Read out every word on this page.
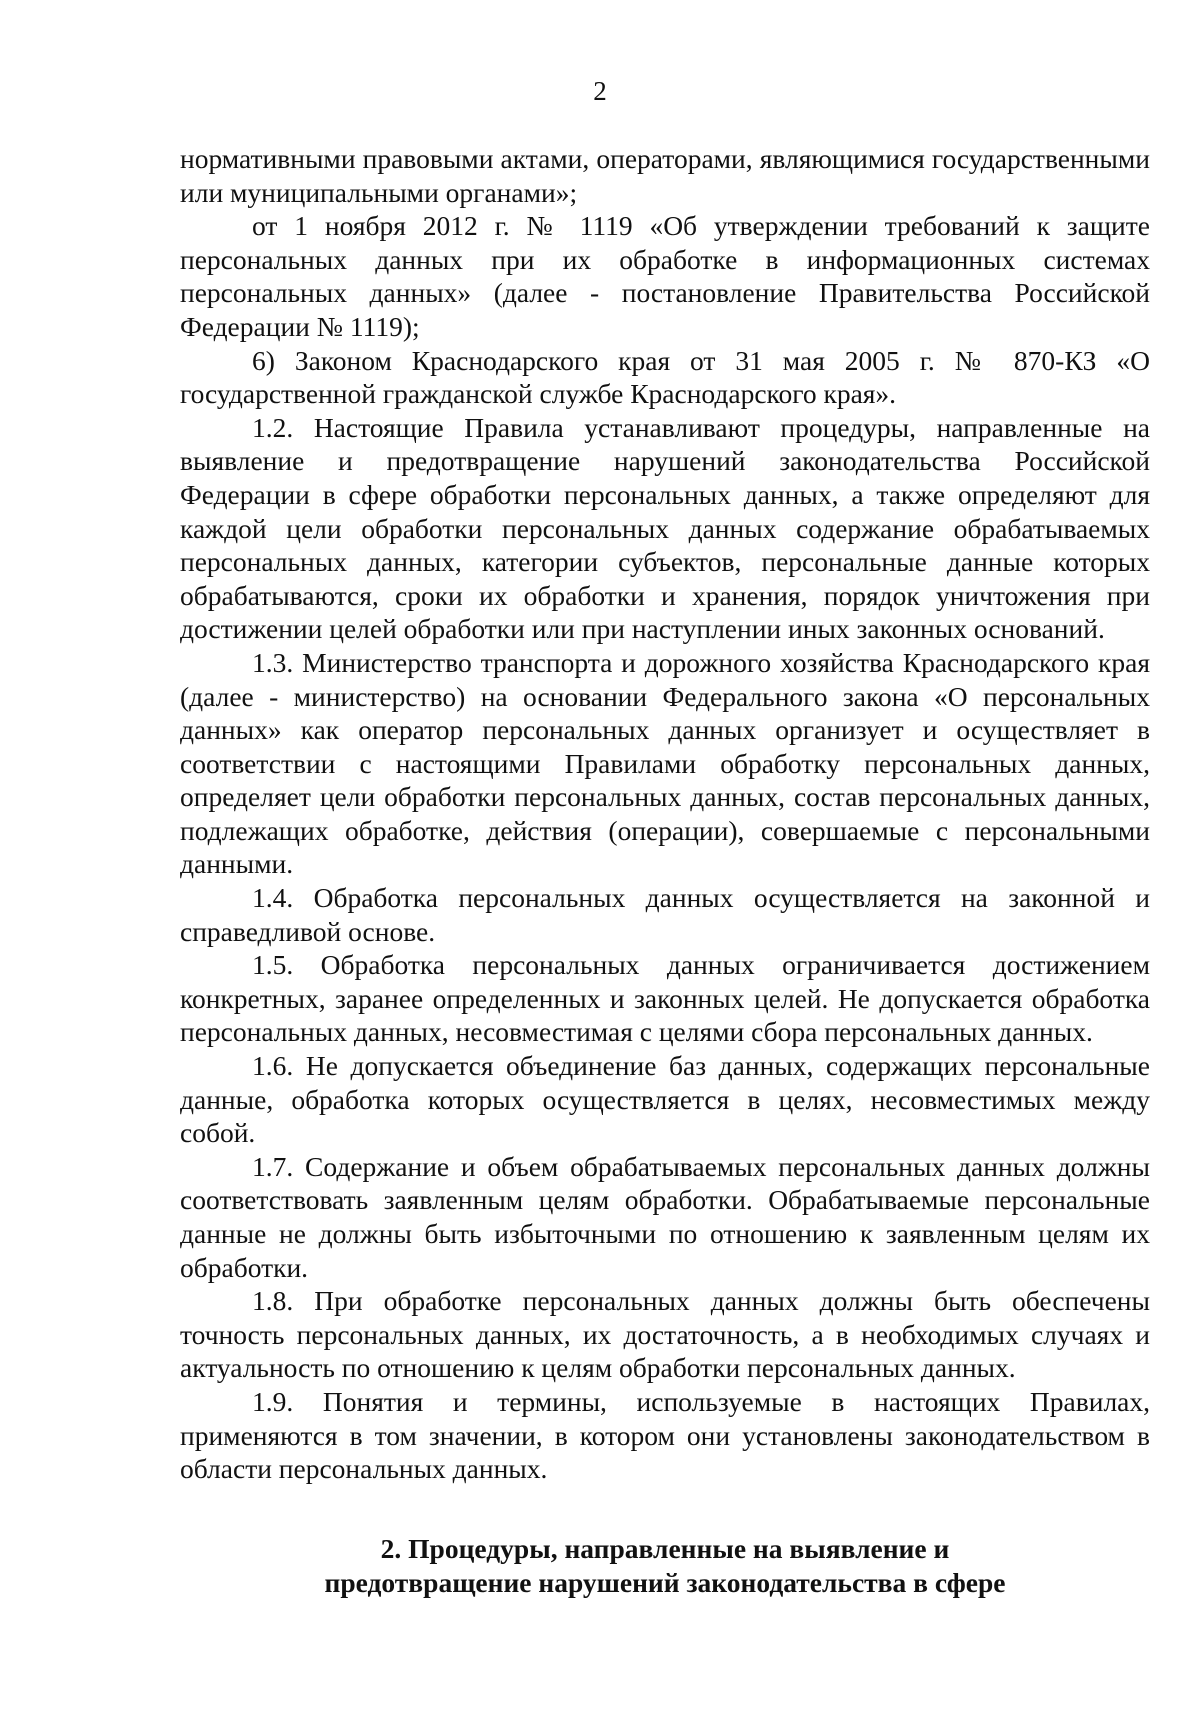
2

нормативными правовыми актами, операторами, являющимися государственными или муниципальными органами»;

от 1 ноября 2012 г. № 1119 «Об утверждении требований к защите персональных данных при их обработке в информационных системах персональных данных» (далее - постановление Правительства Российской Федерации № 1119);

6) Законом Краснодарского края от 31 мая 2005 г. № 870-КЗ «О государственной гражданской службе Краснодарского края».

1.2. Настоящие Правила устанавливают процедуры, направленные на выявление и предотвращение нарушений законодательства Российской Федерации в сфере обработки персональных данных, а также определяют для каждой цели обработки персональных данных содержание обрабатываемых персональных данных, категории субъектов, персональные данные которых обрабатываются, сроки их обработки и хранения, порядок уничтожения при достижении целей обработки или при наступлении иных законных оснований.

1.3. Министерство транспорта и дорожного хозяйства Краснодарского края (далее - министерство) на основании Федерального закона «О персональных данных» как оператор персональных данных организует и осуществляет в соответствии с настоящими Правилами обработку персональных данных, определяет цели обработки персональных данных, состав персональных данных, подлежащих обработке, действия (операции), совершаемые с персональными данными.

1.4. Обработка персональных данных осуществляется на законной и справедливой основе.

1.5. Обработка персональных данных ограничивается достижением конкретных, заранее определенных и законных целей. Не допускается обработка персональных данных, несовместимая с целями сбора персональных данных.

1.6. Не допускается объединение баз данных, содержащих персональные данные, обработка которых осуществляется в целях, несовместимых между собой.

1.7. Содержание и объем обрабатываемых персональных данных должны соответствовать заявленным целям обработки. Обрабатываемые персональные данные не должны быть избыточными по отношению к заявленным целям их обработки.

1.8. При обработке персональных данных должны быть обеспечены точность персональных данных, их достаточность, а в необходимых случаях и актуальность по отношению к целям обработки персональных данных.

1.9. Понятия и термины, используемые в настоящих Правилах, применяются в том значении, в котором они установлены законодательством в области персональных данных.

2. Процедуры, направленные на выявление и
предотвращение нарушений законодательства в сфере
